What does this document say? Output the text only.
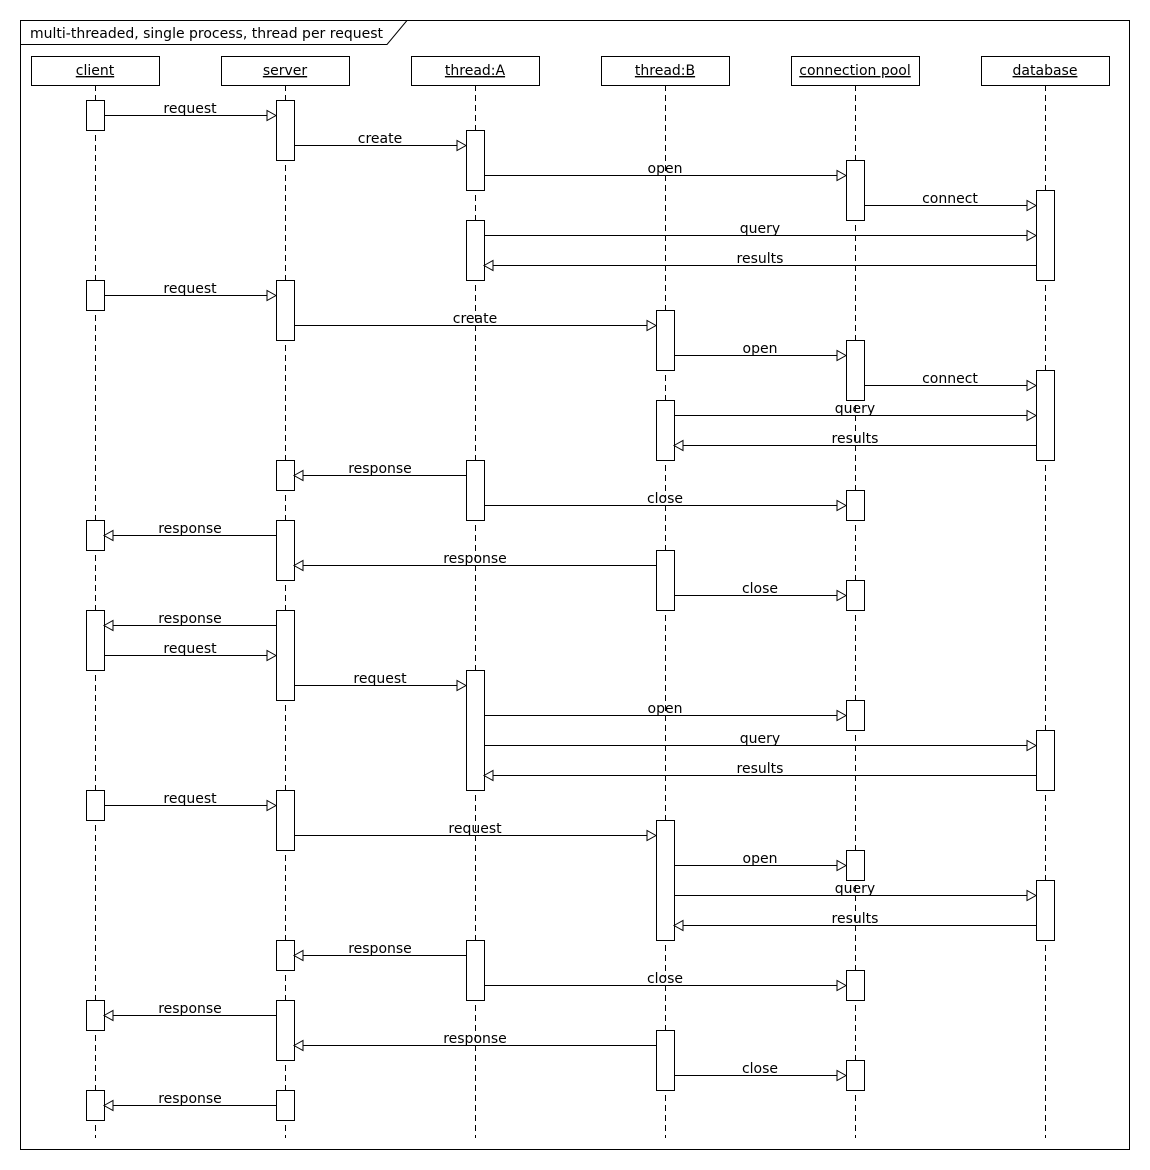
multi-threaded, single process, thread per request
client	server	thread:A	thread:B	connection pool	database
request
create
open
connect
query
results
request
create
open
connect
query
results
response
close
response
response
close
response
request
request
open
query
results
request
request
open
query
results
response
close
response
response
close
response
